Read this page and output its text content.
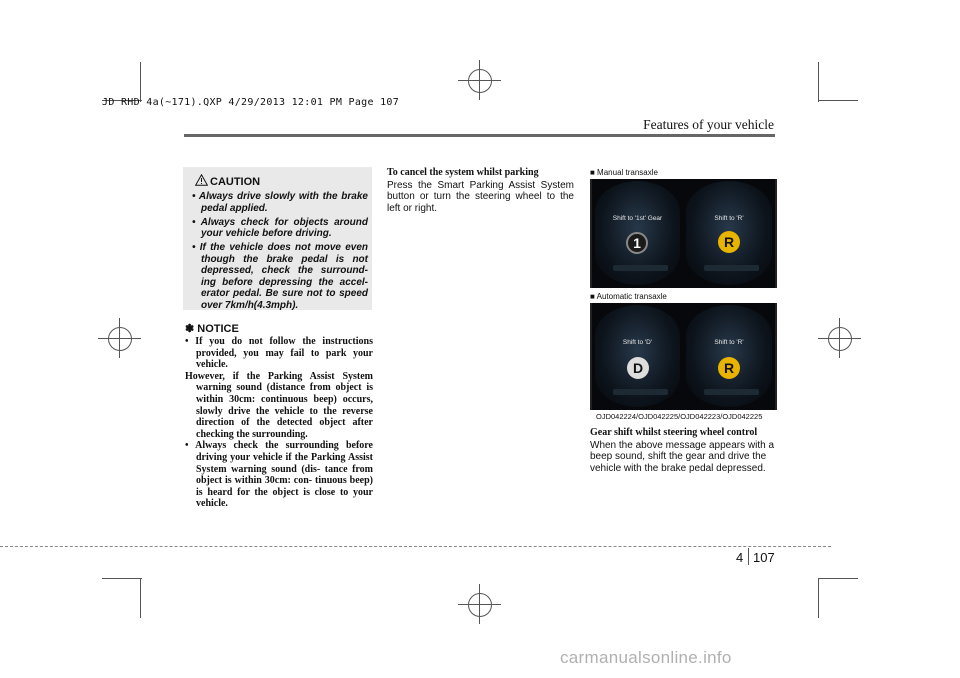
JD RHD 4a(~171).QXP 4/29/2013 12:01 PM Page 107
Features of your vehicle
CAUTION
• Always drive slowly with the brake pedal applied.
• Always check for objects around your vehicle before driving.
• If the vehicle does not move even though the brake pedal is not depressed, check the surround- ing before depressing the accel- erator pedal. Be sure not to speed over 7km/h(4.3mph).
✽ NOTICE
• If you do not follow the instructions provided, you may fail to park your vehicle.
However, if the Parking Assist System warning sound (distance from object is within 30cm: continuous beep) occurs, slowly drive the vehicle to the reverse direction of the detected object after checking the surrounding.
• Always check the surrounding before driving your vehicle if the Parking Assist System warning sound (dis- tance from object is within 30cm: con- tinuous beep) is heard for the object is close to your vehicle.
To cancel the system whilst parking
Press the Smart Parking Assist System button or turn the steering wheel to the left or right.
■ Manual transaxle
Shift to '1st' Gear
1
Shift to 'R'
R
■ Automatic transaxle
Shift to 'D'
D
Shift to 'R'
R
OJD042224/OJD042225/OJD042223/OJD042225
Gear shift whilst steering wheel control
When the above message appears with a beep sound, shift the gear and drive the vehicle with the brake pedal depressed.
4 107
carmanualsonline.info
